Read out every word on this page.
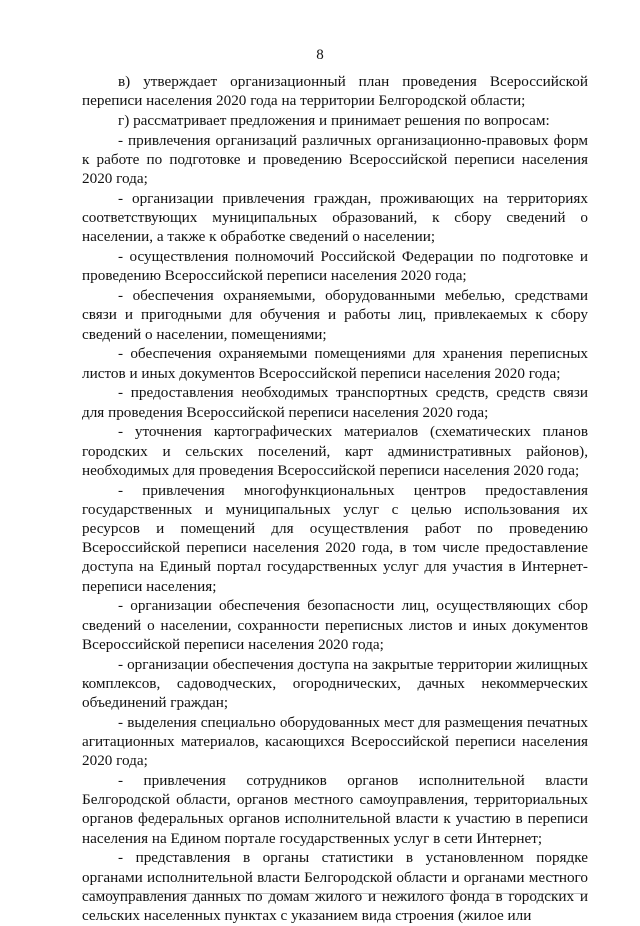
8

в) утверждает организационный план проведения Всероссийской переписи населения 2020 года на территории Белгородской области;

г) рассматривает предложения и принимает решения по вопросам:

- привлечения организаций различных организационно-правовых форм к работе по подготовке и проведению Всероссийской переписи населения 2020 года;

- организации привлечения граждан, проживающих на территориях соответствующих муниципальных образований, к сбору сведений о населении, а также к обработке сведений о населении;

- осуществления полномочий Российской Федерации по подготовке и проведению Всероссийской переписи населения 2020 года;

- обеспечения охраняемыми, оборудованными мебелью, средствами связи и пригодными для обучения и работы лиц, привлекаемых к сбору сведений о населении, помещениями;

- обеспечения охраняемыми помещениями для хранения переписных листов и иных документов Всероссийской переписи населения 2020 года;

- предоставления необходимых транспортных средств, средств связи для проведения Всероссийской переписи населения 2020 года;

- уточнения картографических материалов (схематических планов городских и сельских поселений, карт административных районов), необходимых для проведения Всероссийской переписи населения 2020 года;

- привлечения многофункциональных центров предоставления государственных и муниципальных услуг с целью использования их ресурсов и помещений для осуществления работ по проведению Всероссийской переписи населения 2020 года, в том числе предоставление доступа на Единый портал государственных услуг для участия в Интернет-переписи населения;

- организации обеспечения безопасности лиц, осуществляющих сбор сведений о населении, сохранности переписных листов и иных документов Всероссийской переписи населения 2020 года;

- организации обеспечения доступа на закрытые территории жилищных комплексов, садоводческих, огороднических, дачных некоммерческих объединений граждан;

- выделения специально оборудованных мест для размещения печатных агитационных материалов, касающихся Всероссийской переписи населения 2020 года;

- привлечения сотрудников органов исполнительной власти Белгородской области, органов местного самоуправления, территориальных органов федеральных органов исполнительной власти к участию в переписи населения на Едином портале государственных услуг в сети Интернет;

- представления в органы статистики в установленном порядке органами исполнительной власти Белгородской области и органами местного самоуправления данных по домам жилого и нежилого фонда в городских и сельских населенных пунктах с указанием вида строения (жилое или
